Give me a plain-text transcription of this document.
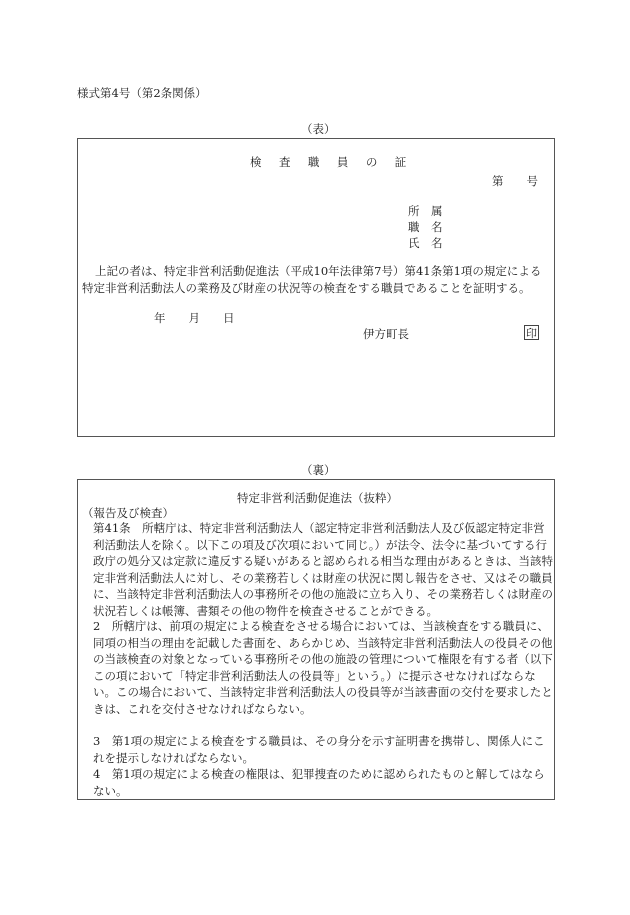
様式第4号（第2条関係）
（表）
検 査 職 員 の 証
第　　号
所　属
職　名
氏　名
上記の者は、特定非営利活動促進法（平成10年法律第7号）第41条第1項の規定による特定非営利活動法人の業務及び財産の状況等の検査をする職員であることを証明する。
年　　月　　日
伊方町長	印
（裏）
特定非営利活動促進法（抜粋）
（報告及び検査）
第41条　 所轄庁は、特定非営利活動法人（認定特定非営利活動法人及び仮認定特定非営利活動法人を除く。以下この項及び次項において同じ。）が法令、法令に基づいてする行政庁の処分又は定款に違反する疑いがあると認められる相当な理由があるときは、当該特定非営利活動法人に対し、その業務若しくは財産の状況に関し報告をさせ、又はその職員に、当該特定非営利活動法人の事務所その他の施設に立ち入り、その業務若しくは財産の状況若しくは帳簿、書類その他の物件を検査させることができる。
2　 所轄庁は、前項の規定による検査をさせる場合においては、当該検査をする職員に、同項の相当の理由を記載した書面を、あらかじめ、当該特定非営利活動法人の役員その他の当該検査の対象となっている事務所その他の施設の管理について権限を有する者（以下この項において「特定非営利活動法人の役員等」という。）に提示させなければならない。この場合において、当該特定非営利活動法人の役員等が当該書面の交付を要求したときは、これを交付させなければならない。
3　 第1項の規定による検査をする職員は、その身分を示す証明書を携帯し、関係人にこれを提示しなければならない。
4　 第1項の規定による検査の権限は、犯罪捜査のために認められたものと解してはならない。
